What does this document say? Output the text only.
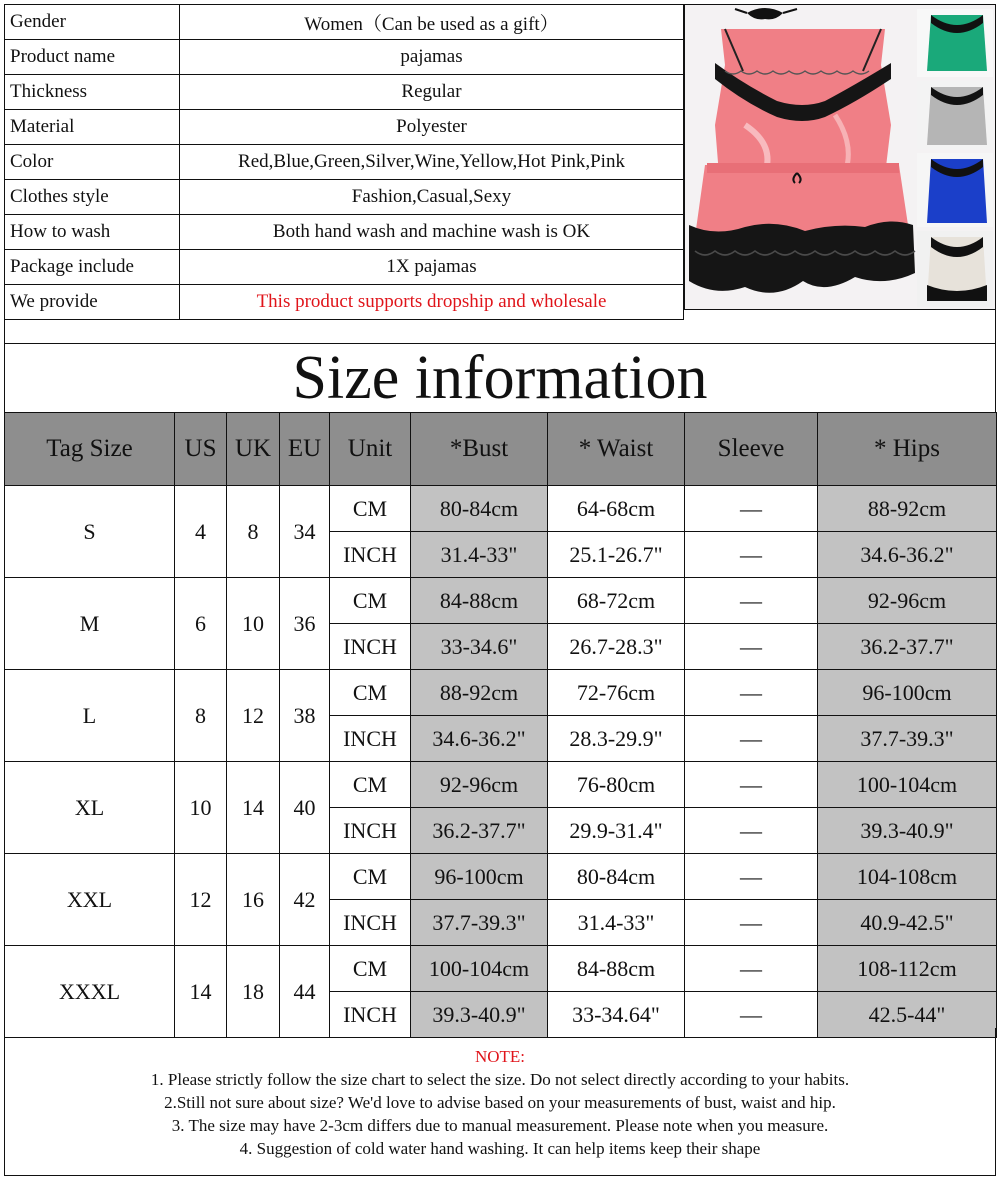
Gender	Women（Can be used as a gift）
Product name	pajamas
Thickness	Regular
Material	Polyester
Color	Red,Blue,Green,Silver,Wine,Yellow,Hot Pink,Pink
Clothes style	Fashion,Casual,Sexy
How to wash	Both hand wash and machine wash is OK
Package include	1X pajamas
We provide	This product supports dropship and wholesale
Size information
Tag Size	US	UK	EU	Unit	*Bust	* Waist	Sleeve	* Hips
S	4	8	34	CM	80-84cm	64-68cm	—	88-92cm
				INCH	31.4-33"	25.1-26.7"	—	34.6-36.2"
M	6	10	36	CM	84-88cm	68-72cm	—	92-96cm
				INCH	33-34.6"	26.7-28.3"	—	36.2-37.7"
L	8	12	38	CM	88-92cm	72-76cm	—	96-100cm
				INCH	34.6-36.2"	28.3-29.9"	—	37.7-39.3"
XL	10	14	40	CM	92-96cm	76-80cm	—	100-104cm
				INCH	36.2-37.7"	29.9-31.4"	—	39.3-40.9"
XXL	12	16	42	CM	96-100cm	80-84cm	—	104-108cm
				INCH	37.7-39.3"	31.4-33"	—	40.9-42.5"
XXXL	14	18	44	CM	100-104cm	84-88cm	—	108-112cm
				INCH	39.3-40.9"	33-34.64"	—	42.5-44"
NOTE:
1. Please strictly follow the size chart to select the size. Do not select directly according to your habits.
2.Still not sure about size? We'd love to advise based on your measurements of bust, waist and hip.
3. The size may have 2-3cm differs due to manual measurement. Please note when you measure.
4. Suggestion of cold water hand washing. It can help items keep their shape
